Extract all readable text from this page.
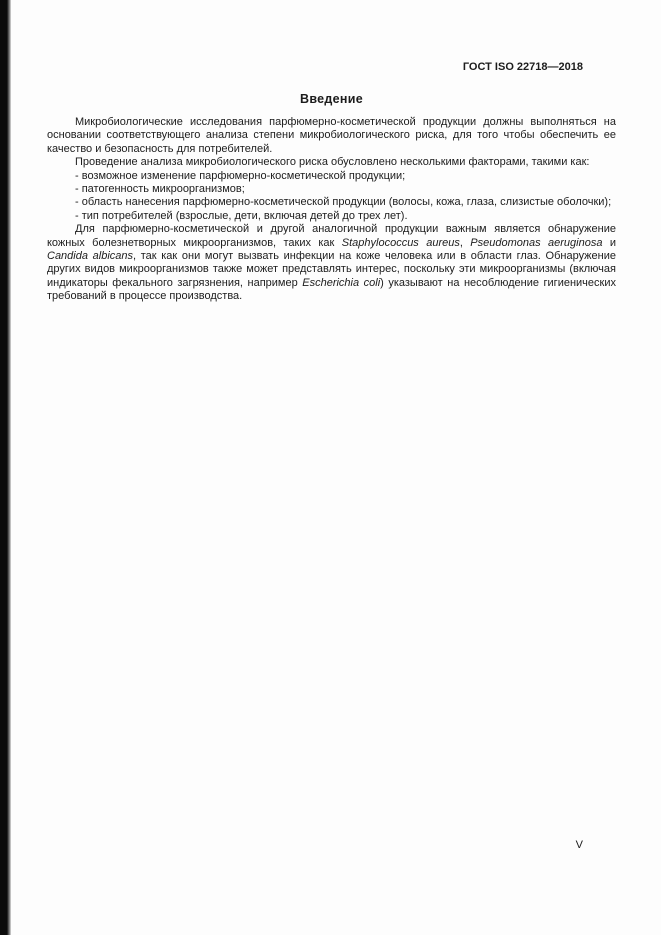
ГОСТ ISO 22718—2018
Введение

Микробиологические исследования парфюмерно-косметической продукции должны выполняться на основании соответствующего анализа степени микробиологического риска, для того чтобы обеспечить ее качество и безопасность для потребителей.

Проведение анализа микробиологического риска обусловлено несколькими факторами, такими как:

- возможное изменение парфюмерно-косметической продукции;

- патогенность микроорганизмов;

- область нанесения парфюмерно-косметической продукции (волосы, кожа, глаза, слизистые оболочки);

- тип потребителей (взрослые, дети, включая детей до трех лет).

Для парфюмерно-косметической и другой аналогичной продукции важным является обнаружение кожных болезнетворных микроорганизмов, таких как Staphylococcus aureus, Pseudomonas aeruginosa и Candida albicans, так как они могут вызвать инфекции на коже человека или в области глаз. Обнаружение других видов микроорганизмов также может представлять интерес, поскольку эти микроорганизмы (включая индикаторы фекального загрязнения, например Escherichia coli) указывают на несоблюдение гигиенических требований в процессе производства.

V
